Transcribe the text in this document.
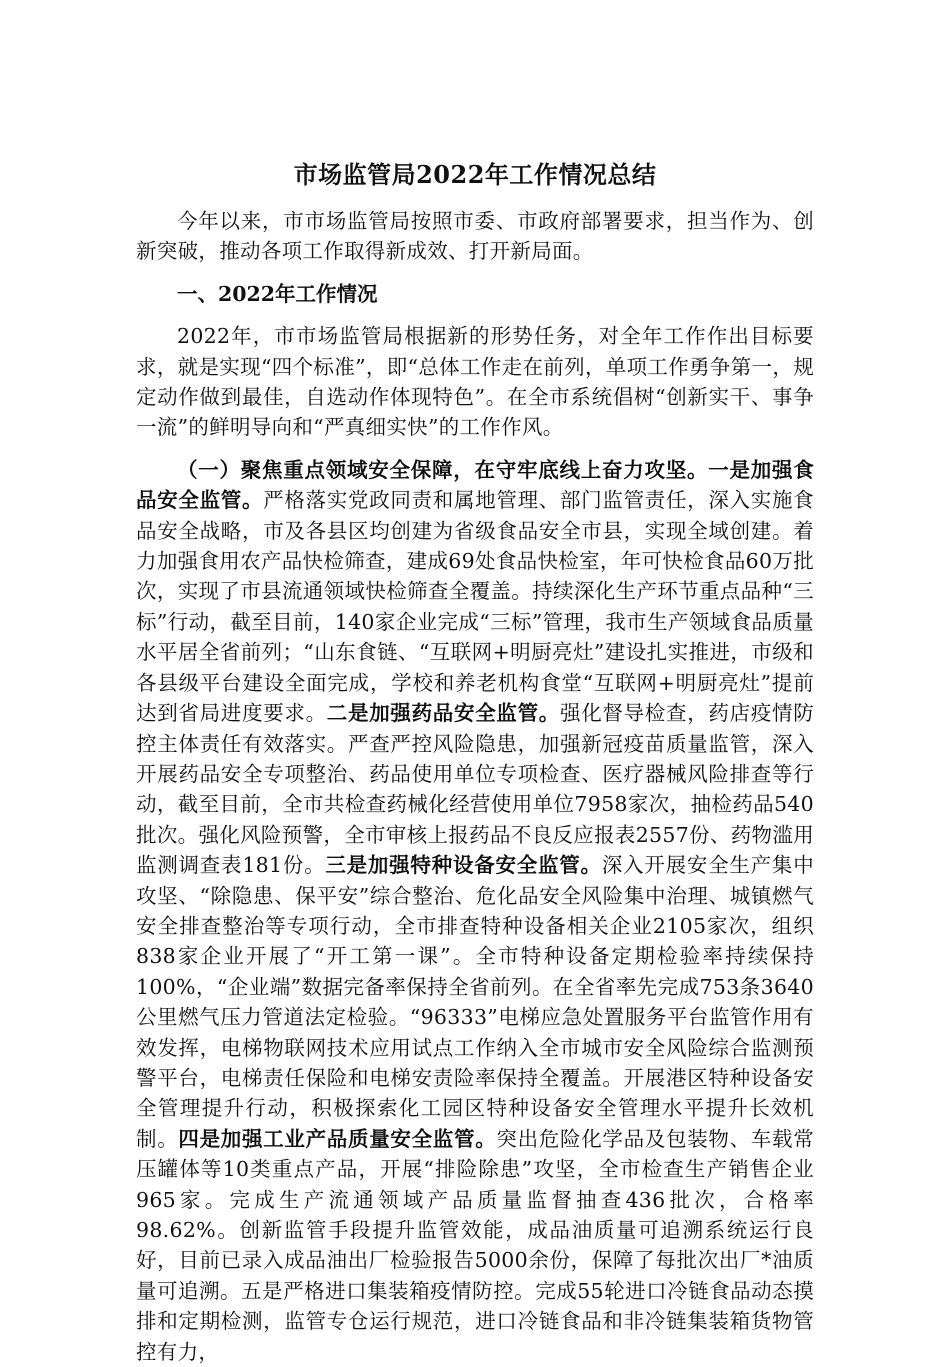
市场监管局2022年工作情况总结

今年以来，市市场监管局按照市委、市政府部署要求，担当作为、创新突破，推动各项工作取得新成效、打开新局面。

一、2022年工作情况

2022年，市市场监管局根据新的形势任务，对全年工作作出目标要求，就是实现“四个标准”，即“总体工作走在前列，单项工作勇争第一，规定动作做到最佳，自选动作体现特色”。在全市系统倡树“创新实干、事争一流”的鲜明导向和“严真细实快”的工作作风。

（一）聚焦重点领域安全保障，在守牢底线上奋力攻坚。一是加强食品安全监管。严格落实党政同责和属地管理、部门监管责任，深入实施食品安全战略，市及各县区均创建为省级食品安全市县，实现全域创建。着力加强食用农产品快检筛查，建成69处食品快检室，年可快检食品60万批次，实现了市县流通领域快检筛查全覆盖。持续深化生产环节重点品种“三标”行动，截至目前，140家企业完成“三标”管理，我市生产领域食品质量水平居全省前列；“山东食链、“互联网+明厨亮灶”建设扎实推进，市级和各县级平台建设全面完成，学校和养老机构食堂“互联网+明厨亮灶”提前达到省局进度要求。二是加强药品安全监管。强化督导检查，药店疫情防控主体责任有效落实。严查严控风险隐患，加强新冠疫苗质量监管，深入开展药品安全专项整治、药品使用单位专项检查、医疗器械风险排查等行动，截至目前，全市共检查药械化经营使用单位7958家次，抽检药品540批次。强化风险预警，全市审核上报药品不良反应报表2557份、药物滥用监测调查表181份。三是加强特种设备安全监管。深入开展安全生产集中攻坚、“除隐患、保平安”综合整治、危化品安全风险集中治理、城镇燃气安全排查整治等专项行动，全市排查特种设备相关企业2105家次，组织838家企业开展了“开工第一课”。全市特种设备定期检验率持续保持100%，“企业端”数据完备率保持全省前列。在全省率先完成753条3640公里燃气压力管道法定检验。“96333”电梯应急处置服务平台监管作用有效发挥，电梯物联网技术应用试点工作纳入全市城市安全风险综合监测预警平台，电梯责任保险和电梯安责险率保持全覆盖。开展港区特种设备安全管理提升行动，积极探索化工园区特种设备安全管理水平提升长效机制。四是加强工业产品质量安全监管。突出危险化学品及包装物、车载常压罐体等10类重点产品，开展“排险除患”攻坚，全市检查生产销售企业965家。完成生产流通领域产品质量监督抽查436批次，合格率98.62%。创新监管手段提升监管效能，成品油质量可追溯系统运行良好，目前已录入成品油出厂检验报告5000余份，保障了每批次出厂*油质量可追溯。五是严格进口集装箱疫情防控。完成55轮进口冷链食品动态摸排和定期检测，监管专仓运行规范，进口冷链食品和非冷链集装箱货物管控有力，
